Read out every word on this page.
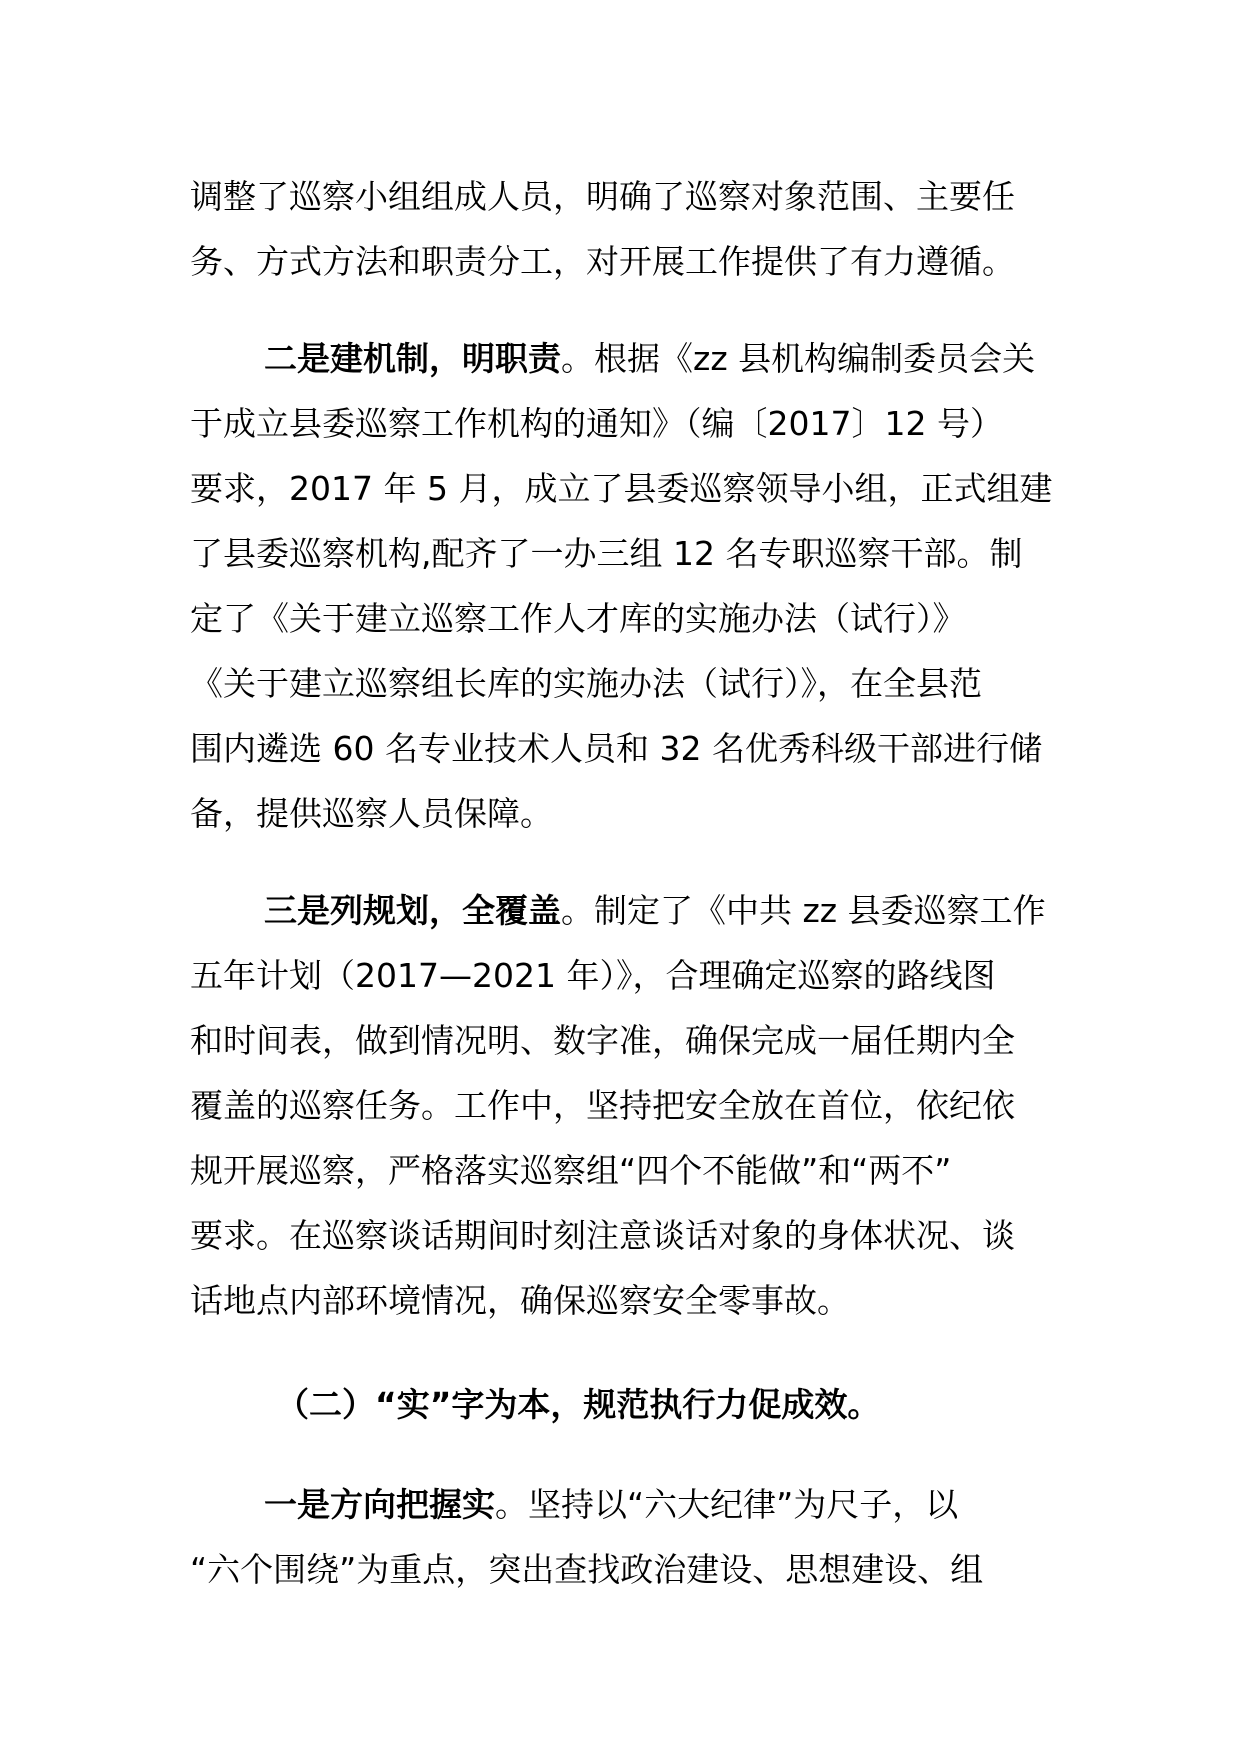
调整了巡察小组组成人员，明确了巡察对象范围、主要任
务、方式方法和职责分工，对开展工作提供了有力遵循。
二是建机制，明职责。根据《zz 县机构编制委员会关
于成立县委巡察工作机构的通知》（编〔2017〕12 号）
要求，2017 年 5 月，成立了县委巡察领导小组，正式组建
了县委巡察机构,配齐了一办三组 12 名专职巡察干部。制
定了《关于建立巡察工作人才库的实施办法（试行）》
《关于建立巡察组长库的实施办法（试行）》，在全县范
围内遴选 60 名专业技术人员和 32 名优秀科级干部进行储
备，提供巡察人员保障。
三是列规划，全覆盖。制定了《中共 zz 县委巡察工作
五年计划（2017—2021 年）》，合理确定巡察的路线图
和时间表，做到情况明、数字准，确保完成一届任期内全
覆盖的巡察任务。工作中，坚持把安全放在首位，依纪依
规开展巡察，严格落实巡察组“四个不能做”和“两不”
要求。在巡察谈话期间时刻注意谈话对象的身体状况、谈
话地点内部环境情况，确保巡察安全零事故。
（二）“实”字为本，规范执行力促成效。
一是方向把握实。坚持以“六大纪律”为尺子，以
“六个围绕”为重点，突出查找政治建设、思想建设、组
